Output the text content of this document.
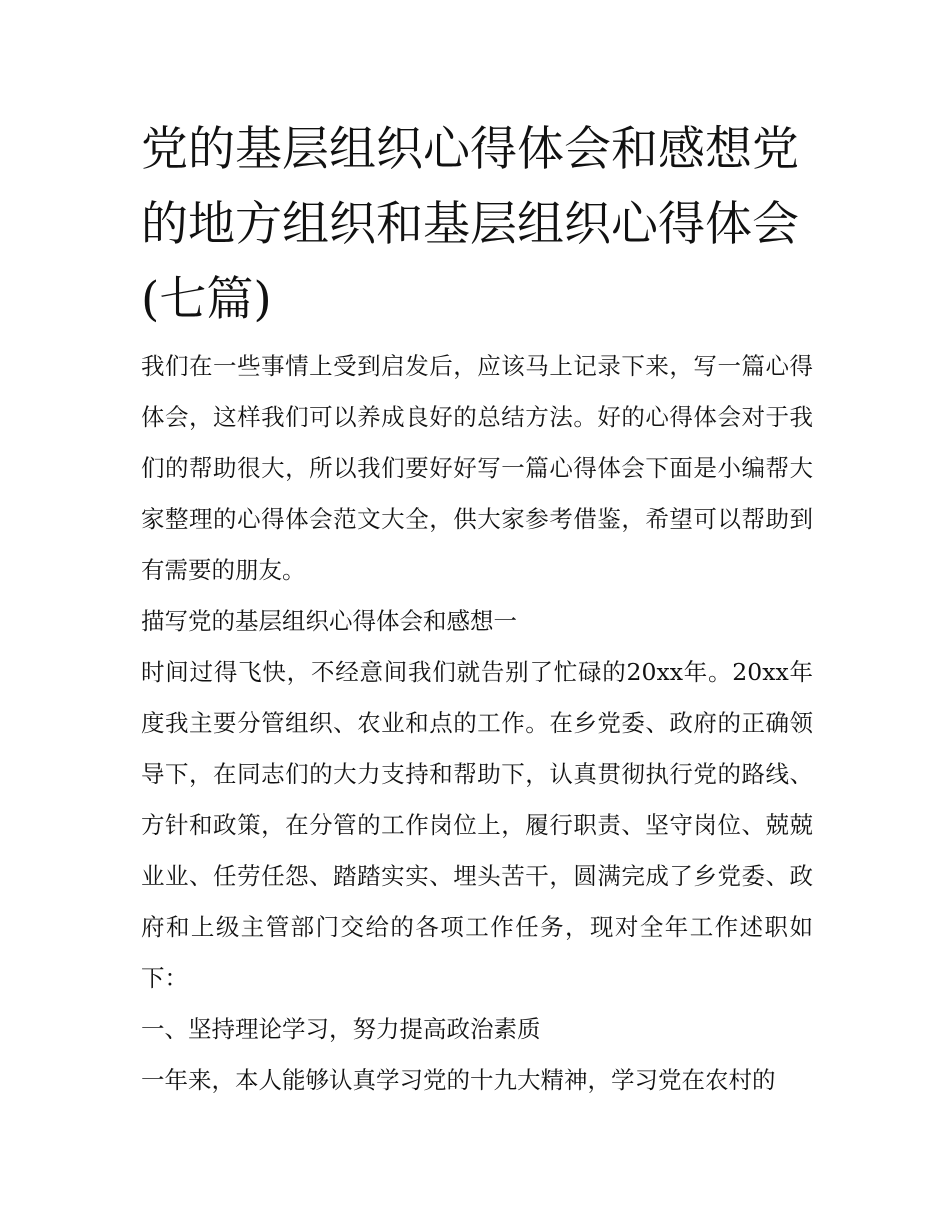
党的基层组织心得体会和感想党的地方组织和基层组织心得体会(七篇)

我们在一些事情上受到启发后，应该马上记录下来，写一篇心得体会，这样我们可以养成良好的总结方法。好的心得体会对于我们的帮助很大，所以我们要好好写一篇心得体会下面是小编帮大家整理的心得体会范文大全，供大家参考借鉴，希望可以帮助到有需要的朋友。

描写党的基层组织心得体会和感想一

时间过得飞快，不经意间我们就告别了忙碌的20xx年。20xx年度我主要分管组织、农业和点的工作。在乡党委、政府的正确领导下，在同志们的大力支持和帮助下，认真贯彻执行党的路线、方针和政策，在分管的工作岗位上，履行职责、坚守岗位、兢兢业业、任劳任怨、踏踏实实、埋头苦干，圆满完成了乡党委、政府和上级主管部门交给的各项工作任务，现对全年工作述职如下：

一、坚持理论学习，努力提高政治素质

一年来，本人能够认真学习党的十九大精神，学习党在农村的
